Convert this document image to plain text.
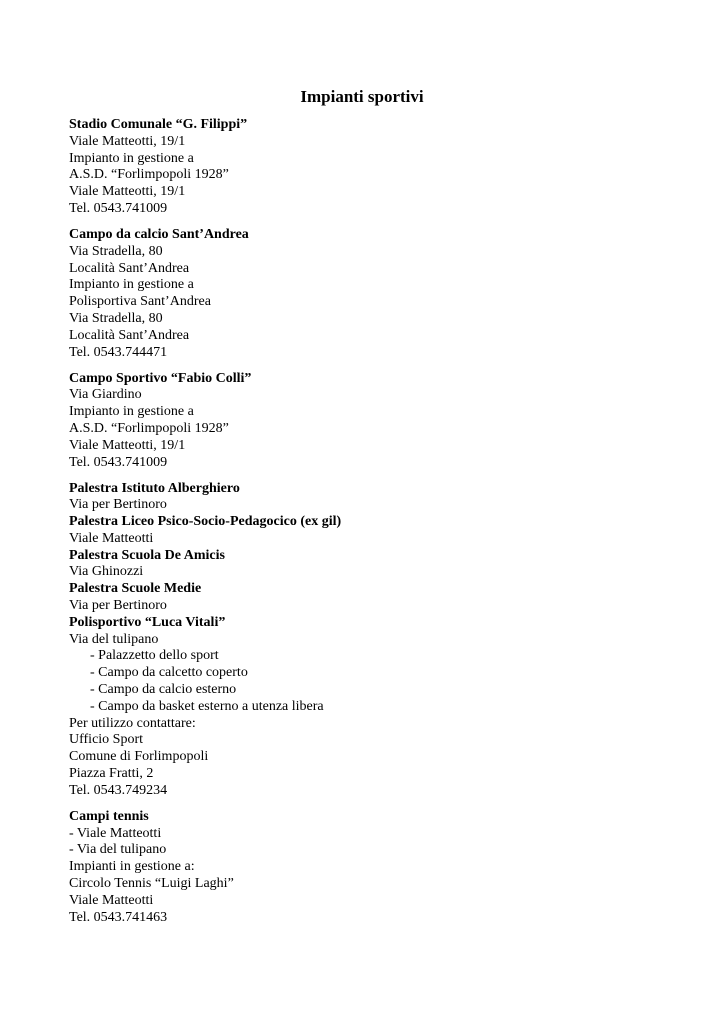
Impianti sportivi
Stadio Comunale “G. Filippi”
Viale Matteotti, 19/1
Impianto in gestione a
A.S.D. “Forlimpopoli 1928”
Viale Matteotti, 19/1
Tel. 0543.741009
Campo da calcio Sant’Andrea
Via Stradella, 80
Località Sant’Andrea
Impianto in gestione a
Polisportiva Sant’Andrea
Via Stradella, 80
Località Sant’Andrea
Tel. 0543.744471
Campo Sportivo “Fabio Colli”
Via Giardino
Impianto in gestione a
A.S.D. “Forlimpopoli 1928”
Viale Matteotti, 19/1
Tel. 0543.741009
Palestra Istituto Alberghiero
Via per Bertinoro
Palestra Liceo Psico-Socio-Pedagocico (ex gil)
Viale Matteotti
Palestra Scuola De Amicis
Via Ghinozzi
Palestra Scuole Medie
Via per Bertinoro
Polisportivo “Luca Vitali”
Via del tulipano
- Palazzetto dello sport
- Campo da calcetto coperto
- Campo da calcio esterno
- Campo da basket esterno a utenza libera
Per utilizzo contattare:
Ufficio Sport
Comune di Forlimpopoli
Piazza Fratti, 2
Tel. 0543.749234
Campi tennis
- Viale Matteotti
- Via del tulipano
Impianti in gestione a:
Circolo Tennis “Luigi Laghi”
Viale Matteotti
Tel. 0543.741463
